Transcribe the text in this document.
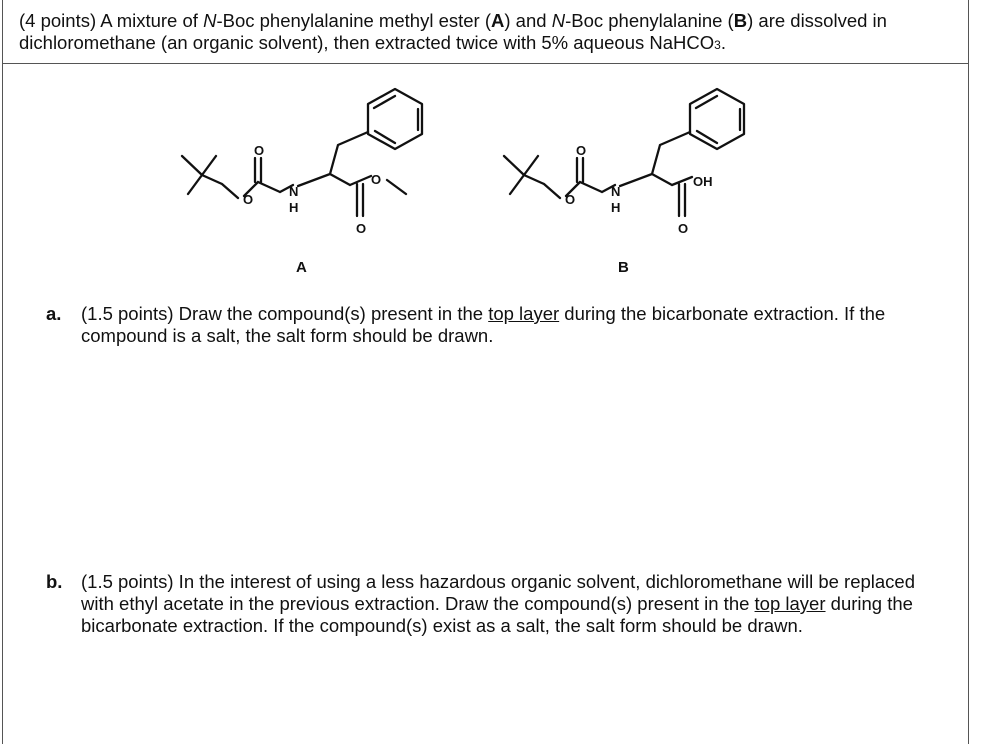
(4 points) A mixture of N-Boc phenylalanine methyl ester (A) and N-Boc phenylalanine (B) are dissolved in dichloromethane (an organic solvent), then extracted twice with 5% aqueous NaHCO3.
O
O
N
H
O
O
A
O
O
N
H
OH
O
B
a. (1.5 points) Draw the compound(s) present in the top layer during the bicarbonate extraction. If the compound is a salt, the salt form should be drawn.
b. (1.5 points) In the interest of using a less hazardous organic solvent, dichloromethane will be replaced with ethyl acetate in the previous extraction. Draw the compound(s) present in the top layer during the bicarbonate extraction. If the compound(s) exist as a salt, the salt form should be drawn.
